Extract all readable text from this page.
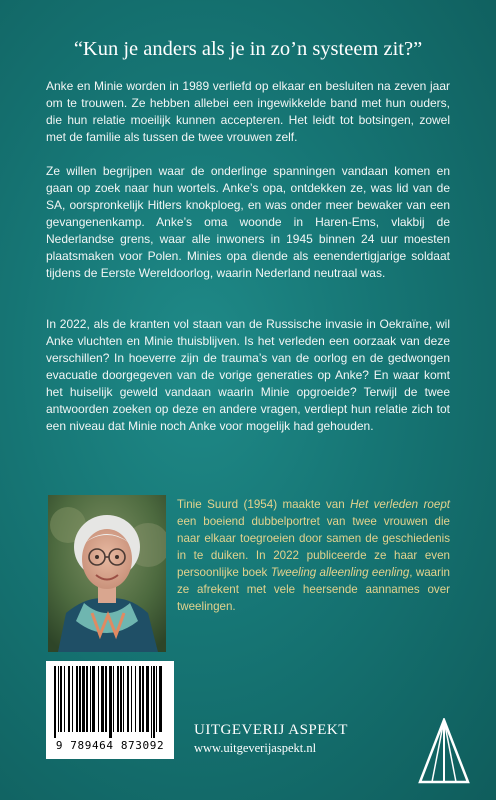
“Kun je anders als je in zo’n systeem zit?”

Anke en Minie worden in 1989 verliefd op elkaar en besluiten na zeven jaar om te trouwen. Ze hebben allebei een ingewikkelde band met hun ouders, die hun relatie moeilijk kunnen accepteren. Het leidt tot botsingen, zowel met de familie als tussen de twee vrouwen zelf.

Ze willen begrijpen waar de onderlinge spanningen vandaan komen en gaan op zoek naar hun wortels. Anke’s opa, ontdekken ze, was lid van de SA, oorspronkelijk Hitlers knokploeg, en was onder meer bewaker van een gevangenenkamp. Anke’s oma woonde in Haren-Ems, vlakbij de Nederlandse grens, waar alle inwoners in 1945 binnen 24 uur moesten plaatsmaken voor Polen. Minies opa diende als eenendertigjarige soldaat tijdens de Eerste Wereldoorlog, waarin Nederland neutraal was.

In 2022, als de kranten vol staan van de Russische invasie in Oekraïne, wil Anke vluchten en Minie thuisblijven. Is het verleden een oorzaak van deze verschillen? In hoeverre zijn de trauma’s van de oorlog en de gedwongen evacuatie doorgegeven van de vorige generaties op Anke? En waar komt het huiselijk geweld vandaan waarin Minie opgroeide? Terwijl de twee antwoorden zoeken op deze en andere vragen, verdiept hun relatie zich tot een niveau dat Minie noch Anke voor mogelijk had gehouden.

Tinie Suurd (1954) maakte van Het verleden roept een boeiend dubbelportret van twee vrouwen die naar elkaar toegroeien door samen de geschiedenis in te duiken. In 2022 publiceerde ze haar even persoonlijke boek Tweeling alleenling eenling, waarin ze afrekent met vele heersende aannames over tweelingen.

9 789464 873092
UITGEVERIJ ASPEKT
www.uitgeverijaspekt.nl
